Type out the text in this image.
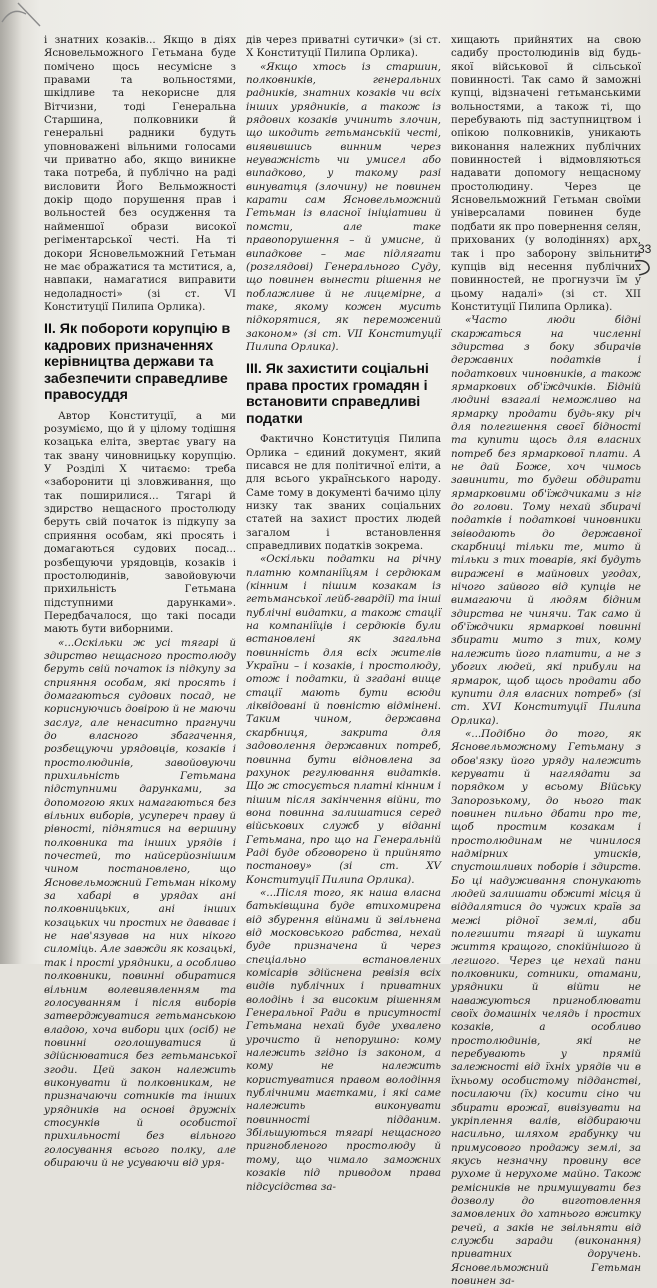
і знатних козаків... Якщо в діях Ясновельможного Гетьмана буде помічено щось несумісне з правами та вольностями, шкідливе та некорисне для Вітчизни, тоді Генеральна Старшина, полковники й генеральні радники будуть уповноважені вільними голосами чи приватно або, якщо виникне така потреба, й публічно на раді висловити Його Вельможності докір щодо порушення прав і вольностей без осудження та найменшої образи високої регіментарської честі. На ті докори Ясновельможний Гетьман не має ображатися та мститися, а, навпаки, намагатися виправити недоладності» (зі ст. VI Конституції Пилипа Орлика).

II. Як побороти корупцію в кадрових призначеннях керівництва держави та забезпечити справедливе правосуддя

Автор Конституції, а ми розуміємо, що й у цілому тодішня козацька еліта, звертає увагу на так звану чиновницьку корупцію. У Розділі X читаємо: треба «заборонити ці зловживання, що так поширилися... Тягарі й здирство нещасного простолюду беруть свій початок із підкупу за сприяння особам, які просять і домагаються судових посад... розбещуючи урядовців, козаків і простолюдинів, завойовуючи прихильність Гетьмана підступними дарунками». Передбачалося, що такі посади мають бути виборними.

«...Оскільки ж усі тягарі й здирство нещасного простолюду беруть свій початок із підкупу за сприяння особам, які просять і домагаються судових посад, не кориснуючись довірою й не маючи заслуг, але ненаситно прагнучи до власного збагачення, розбещуючи урядовців, козаків і простолюдинів, завойовуючи прихильність Гетьмана підступними дарунками, за допомогою яких намагаються без вільних виборів, усупереч праву й рівності, піднятися на вершину полковника та інших урядів і почестей, то найсерйознішим чином постановлено, що Ясновельможний Гетьман нікому за хабарі в урядах ані полковницьких, ані інших козацьких чи простих не дававає і не нав'язував на них нікого силоміць. Але завжди як козацькі, так і прості урядники, а особливо полковники, повинні обиратися вільним волевиявленням та голосуванням і після виборів затверджуватися гетьманською владою, хоча вибори цих (осіб) не повинні оголошуватися й здійснюватися без гетьманської згоди. Цей закон належить виконувати й полковникам, не призначаючи сотників та інших урядників на основі дружніх стосунків й особистої прихильності без вільного голосування всього полку, але обираючи й не усуваючи від уря-

дів через приватні сутички» (зі ст. X Конституції Пилипа Орлика).

«Якщо хтось із старшин, полковників, генеральних радників, знатних козаків чи всіх інших урядників, а також із рядових козаків учинить злочин, що шкодить гетьманській честі, виявившись винним через неуважність чи умисел або випадково, у такому разі винуватця (злочину) не повинен карати сам Ясновельможний Гетьман із власної ініціативи й помсти, але таке правопорушення – й умисне, й випадкове – має підлягати (розглядові) Генерального Суду, що повинен вынести рішення не поблажливе й не лицемірне, а таке, якому кожен мусить підкорятися, як переможений законом» (зі ст. VII Конституції Пилипа Орлика).

III. Як захистити соціальні права простих громадян і встановити справедливі податки

Фактично Конституція Пилипа Орлика – єдиний документ, який писався не для політичної еліти, а для всього українського народу. Саме тому в документі бачимо цілу низку так званих соціальних статей на захист простих людей загалом і встановлення справедливих податків зокрема.

«Оскільки податки на річну платню компаніїцям і сердюкам (кінним і пішим козакам із гетьманської лейб-гвардії) та інші публічні видатки, а також стації на компаніїців і сердюків були встановлені як загальна повинність для всіх жителів України – і козаків, і простолюду, отож і податки, й згадані вище стації мають бути всюди ліквідовані й повністю відмінені. Таким чином, державна скарбниця, закрита для задоволення державних потреб, повинна бути відновлена за рахунок регулювання видатків. Що ж стосується платні кінним і пішим після закінчення війни, то вона повинна залишатися серед військових служб у віданні Гетьмана, про що на Генеральній Раді буде обговорено й прийнято постанову» (зі ст. XV Конституції Пилипа Орлика).

«...Після того, як наша власна батьківщина буде втихомирена від збурення війнами й звільнена від московського рабства, нехай буде призначена й через спеціально встановлених комісарів здійснена ревізія всіх видів публічних і приватних володінь і за високим рішенням Генеральної Ради в присутності Гетьмана нехай буде ухвалено урочисто й непорушно: кому належить згідно із законом, а кому не належить користуватися правом володіння публічними маєтками, і які саме належить виконувати повинності підданим. Збільшуються тягарі нещасного пригнобленого простолюду й тому, що чимало заможних козаків під приводом права підсусідства за-

хищають прийнятих на свою садибу простолюдинів від будь-якої військової й сільської повинності. Так само й заможні купці, відзначені гетьманськими вольностями, а також ті, що перебувають під заступництвом і опікою полковників, уникають виконання належних публічних повинностей і відмовляються надавати допомогу нещасному простолюдину. Через це Ясновельможний Гетьман своїми універсалами повинен буде подбати як про повернення селян, прихованих (у володіннях) арх, так і про заборону звільнити купців від несення публічних повинностей, не прогнузчи їм у цьому надалі» (зі ст. XII Конституції Пилипа Орлика).

«Часто люди бідні скаржаться на численні здирства з боку збирачів державних податків і податкових чиновників, а також ярмаркових об'їждчиків. Бідній людині взагалі неможливо на ярмарку продати будь-яку річ для полегшення своєї бідності та купити щось для власних потреб без ярмаркової плати. А не дай Боже, хоч чимось завинити, то будеш обдирати ярмарковими об'їждчиками з ніг до голови. Тому нехай збирачі податків і податкові чиновники звіводають до державної скарбниці тільки те, мито й тільки з тих товарів, які будуть виражені в майнових угодах, нічого зайвого від купців не вимагаючи й людям бідним здирства не чинячи. Так само й об'їждчики ярмаркові повинні збирати мито з тих, кому належить його платити, а не з убогих людей, які прибули на ярмарок, щоб щось продати або купити для власних потреб» (зі ст. XVI Конституції Пилипа Орлика).

«...Подібно до того, як Ясновельможному Гетьману з обов'язку його уряду належить керувати й наглядати за порядком у всьому Війську Запорозькому, до нього так повинен пильно дбати про те, щоб простим козакам і простолюдинам не чинилося надмірних утисків, спустошливих поборів і здирств. Бо ці надуживання спонукають людей залишати обжиті місця й віддалятися до чужих країв за межі рідної землі, аби полегшити тягарі й шукати життя кращого, спокійнішого й легшого. Через це нехай пани полковники, сотники, отамани, урядники й війти не наважуються пригноблювати своїх домашніх челядь і простих козаків, а особливо простолюдинів, які не перебувають у прямій залежності від їхніх урядів чи в їхньому особистому підданстві, посилаючи (їх) косити сіно чи збирати врожаї, вивізувати на укріплення валів, відбираючи насильно, шляхом грабунку чи примусового продажу землі, за якусь незначну провину все рухоме й нерухоме майно. Також ремісників не примушувати без дозволу до виготовлення замовлених до хатнього вжитку речей, а заків не звільняти від служби заради (виконання) приватних доручень. Ясновельможний Гетьман повинен за-

33
